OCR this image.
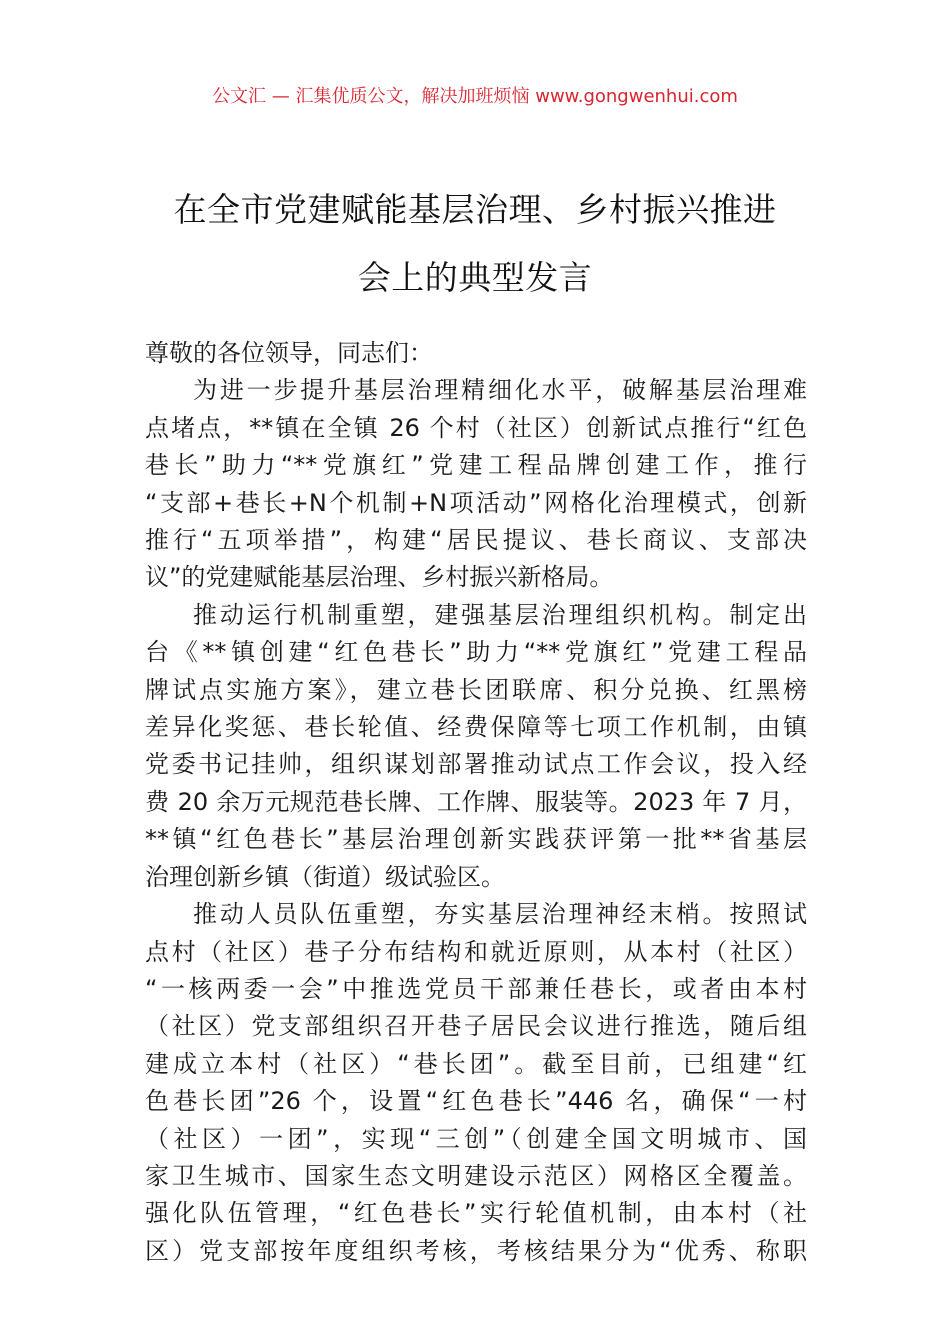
公文汇 — 汇集优质公文，解决加班烦恼 www.gongwenhui.com
在全市党建赋能基层治理、乡村振兴推进
会上的典型发言
尊敬的各位领导，同志们：
为进一步提升基层治理精细化水平，破解基层治理难
点堵点，**镇在全镇 26 个村（社区）创新试点推行“红色
巷长”助力“**党旗红”党建工程品牌创建工作，推行
“支部+巷长+N个机制+N项活动”网格化治理模式，创新
推行“五项举措”，构建“居民提议、巷长商议、支部决
议”的党建赋能基层治理、乡村振兴新格局。
推动运行机制重塑，建强基层治理组织机构。制定出
台《**镇创建“红色巷长”助力“**党旗红”党建工程品
牌试点实施方案》，建立巷长团联席、积分兑换、红黑榜
差异化奖惩、巷长轮值、经费保障等七项工作机制，由镇
党委书记挂帅，组织谋划部署推动试点工作会议，投入经
费 20 余万元规范巷长牌、工作牌、服装等。2023 年 7 月，
**镇“红色巷长”基层治理创新实践获评第一批**省基层
治理创新乡镇（街道）级试验区。
推动人员队伍重塑，夯实基层治理神经末梢。按照试
点村（社区）巷子分布结构和就近原则，从本村（社区）
“一核两委一会”中推选党员干部兼任巷长，或者由本村
（社区）党支部组织召开巷子居民会议进行推选，随后组
建成立本村（社区）“巷长团”。截至目前，已组建“红
色巷长团”26 个，设置“红色巷长”446 名，确保“一村
（社区）一团”，实现“三创”（创建全国文明城市、国
家卫生城市、国家生态文明建设示范区）网格区全覆盖。
强化队伍管理，“红色巷长”实行轮值机制，由本村（社
区）党支部按年度组织考核，考核结果分为“优秀、称职
